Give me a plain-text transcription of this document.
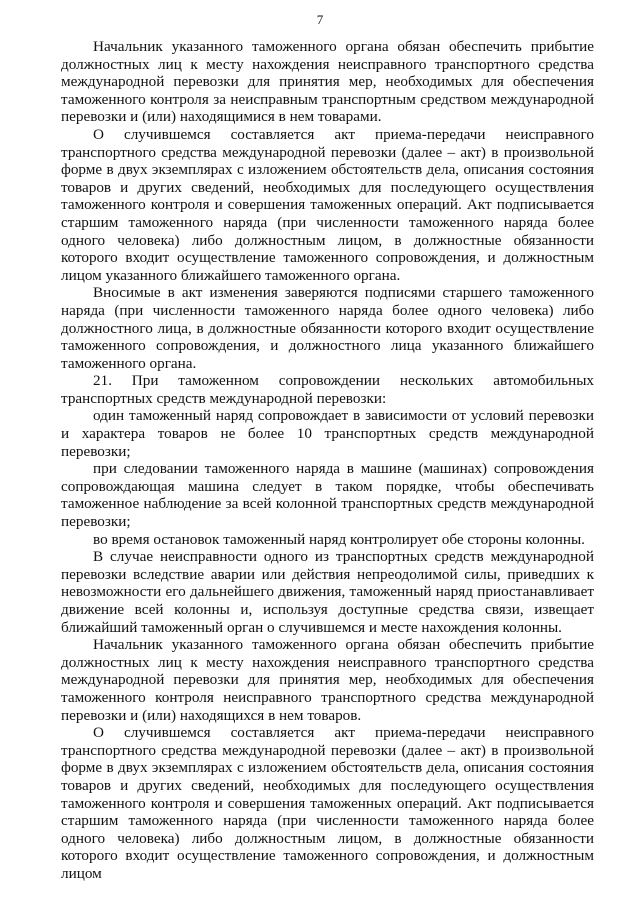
7

Начальник указанного таможенного органа обязан обеспечить прибытие должностных лиц к месту нахождения неисправного транспортного средства международной перевозки для принятия мер, необходимых для обеспечения таможенного контроля за неисправным транспортным средством международной перевозки и (или) находящимися в нем товарами.

О случившемся составляется акт приема-передачи неисправного транспортного средства международной перевозки (далее – акт) в произвольной форме в двух экземплярах с изложением обстоятельств дела, описания состояния товаров и других сведений, необходимых для последующего осуществления таможенного контроля и совершения таможенных операций. Акт подписывается старшим таможенного наряда (при численности таможенного наряда более одного человека) либо должностным лицом, в должностные обязанности которого входит осуществление таможенного сопровождения, и должностным лицом указанного ближайшего таможенного органа.

Вносимые в акт изменения заверяются подписями старшего таможенного наряда (при численности таможенного наряда более одного человека) либо должностного лица, в должностные обязанности которого входит осуществление таможенного сопровождения, и должностного лица указанного ближайшего таможенного органа.

21. При таможенном сопровождении нескольких автомобильных транспортных средств международной перевозки:

один таможенный наряд сопровождает в зависимости от условий перевозки и характера товаров не более 10 транспортных средств международной перевозки;

при следовании таможенного наряда в машине (машинах) сопровождения сопровождающая машина следует в таком порядке, чтобы обеспечивать таможенное наблюдение за всей колонной транспортных средств международной перевозки;

во время остановок таможенный наряд контролирует обе стороны колонны.

В случае неисправности одного из транспортных средств международной перевозки вследствие аварии или действия непреодолимой силы, приведших к невозможности его дальнейшего движения, таможенный наряд приостанавливает движение всей колонны и, используя доступные средства связи, извещает ближайший таможенный орган о случившемся и месте нахождения колонны.

Начальник указанного таможенного органа обязан обеспечить прибытие должностных лиц к месту нахождения неисправного транспортного средства международной перевозки для принятия мер, необходимых для обеспечения таможенного контроля неисправного транспортного средства международной перевозки и (или) находящихся в нем товаров.

О случившемся составляется акт приема-передачи неисправного транспортного средства международной перевозки (далее – акт) в произвольной форме в двух экземплярах с изложением обстоятельств дела, описания состояния товаров и других сведений, необходимых для последующего осуществления таможенного контроля и совершения таможенных операций. Акт подписывается старшим таможенного наряда (при численности таможенного наряда более одного человека) либо должностным лицом, в должностные обязанности которого входит осуществление таможенного сопровождения, и должностным лицом
